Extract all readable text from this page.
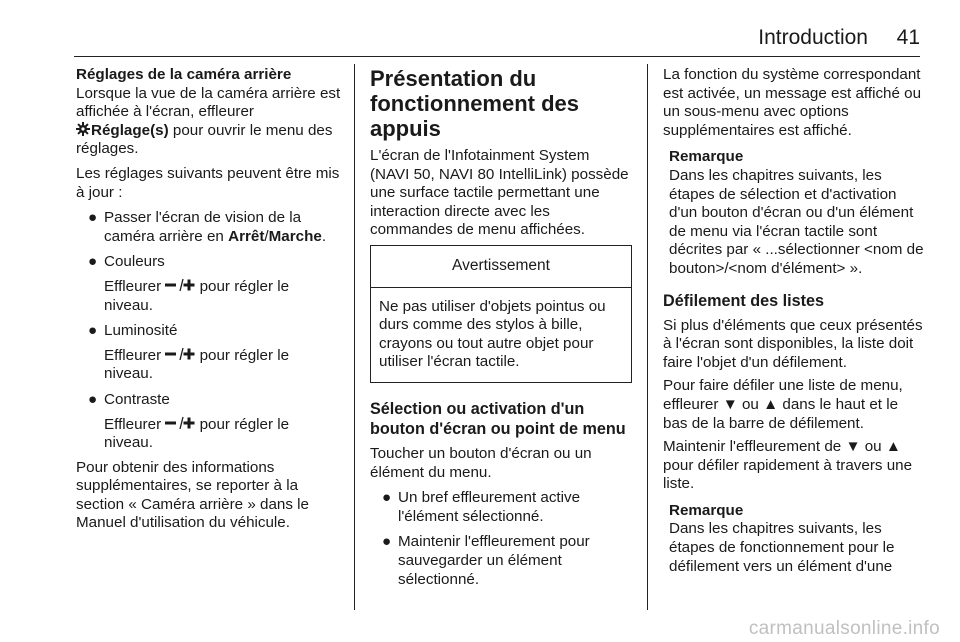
Introduction 41

Réglages de la caméra arrière
Lorsque la vue de la caméra arrière est affichée à l'écran, effleurer
Réglage(s) pour ouvrir le menu des réglages.

Les réglages suivants peuvent être mis à jour :

● Passer l'écran de vision de la caméra arrière en Arrêt/Marche.
● Couleurs
Effleurer	pour régler le niveau.
● Luminosité
Effleurer	pour régler le niveau.
● Contraste
Effleurer	pour régler le niveau.

Pour obtenir des informations supplémentaires, se reporter à la section « Caméra arrière » dans le Manuel d'utilisation du véhicule.

Présentation du fonctionnement des appuis

L'écran de l'Infotainment System (NAVI 50, NAVI 80 IntelliLink) possède une surface tactile permettant une interaction directe avec les commandes de menu affichées.

Avertissement
Ne pas utiliser d'objets pointus ou durs comme des stylos à bille, crayons ou tout autre objet pour utiliser l'écran tactile.
Sélection ou activation d'un bouton d'écran ou point de menu

Toucher un bouton d'écran ou un élément du menu.

● Un bref effleurement active l'élément sélectionné.
● Maintenir l'effleurement pour sauvegarder un élément sélectionné.

La fonction du système correspondant est activée, un message est affiché ou un sous-menu avec options supplémentaires est affiché.

Remarque
Dans les chapitres suivants, les étapes de sélection et d'activation d'un bouton d'écran ou d'un élément de menu via l'écran tactile sont décrites par « ...sélectionner <nom de bouton>/<nom d'élément> ».
Défilement des listes

Si plus d'éléments que ceux présentés à l'écran sont disponibles, la liste doit faire l'objet d'un défilement.

Pour faire défiler une liste de menu, effleurer ▼ ou ▲ dans le haut et le bas de la barre de défilement.

Maintenir l'effleurement de ▼ ou ▲ pour défiler rapidement à travers une liste.

Remarque
Dans les chapitres suivants, les étapes de fonctionnement pour le défilement vers un élément d'une
carmanualsonline.info
